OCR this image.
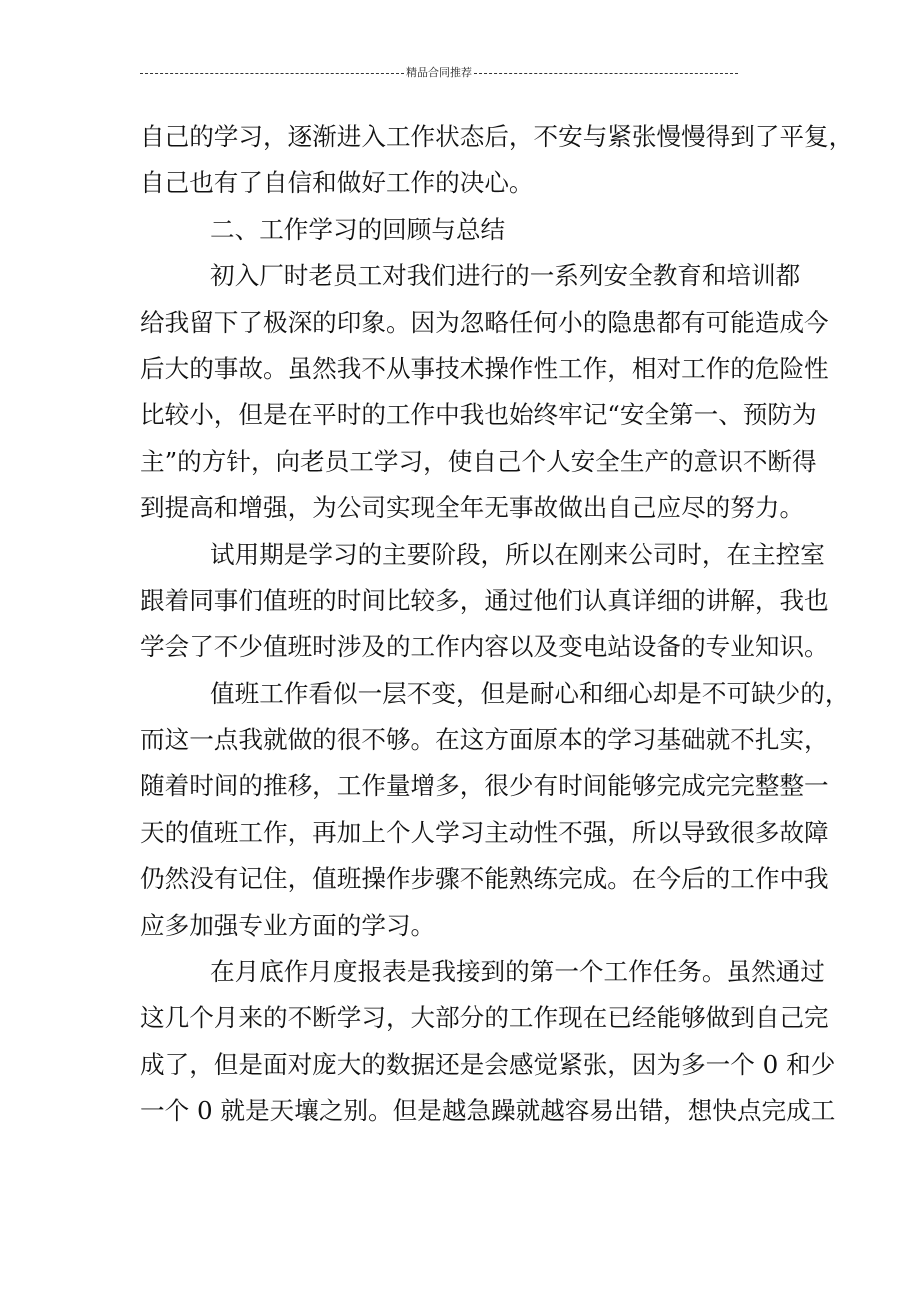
精品合同推荐
自己的学习，逐渐进入工作状态后，不安与紧张慢慢得到了平复，
自己也有了自信和做好工作的决心。
二、工作学习的回顾与总结
初入厂时老员工对我们进行的一系列安全教育和培训都
给我留下了极深的印象。因为忽略任何小的隐患都有可能造成今
后大的事故。虽然我不从事技术操作性工作，相对工作的危险性
比较小，但是在平时的工作中我也始终牢记“安全第一、预防为
主”的方针，向老员工学习，使自己个人安全生产的意识不断得
到提高和增强，为公司实现全年无事故做出自己应尽的努力。
试用期是学习的主要阶段，所以在刚来公司时，在主控室
跟着同事们值班的时间比较多，通过他们认真详细的讲解，我也
学会了不少值班时涉及的工作内容以及变电站设备的专业知识。
值班工作看似一层不变，但是耐心和细心却是不可缺少的，
而这一点我就做的很不够。在这方面原本的学习基础就不扎实，
随着时间的推移，工作量增多，很少有时间能够完成完完整整一
天的值班工作，再加上个人学习主动性不强，所以导致很多故障
仍然没有记住，值班操作步骤不能熟练完成。在今后的工作中我
应多加强专业方面的学习。
在月底作月度报表是我接到的第一个工作任务。虽然通过
这几个月来的不断学习，大部分的工作现在已经能够做到自己完
成了，但是面对庞大的数据还是会感觉紧张，因为多一个 0 和少
一个 0 就是天壤之别。但是越急躁就越容易出错，想快点完成工
